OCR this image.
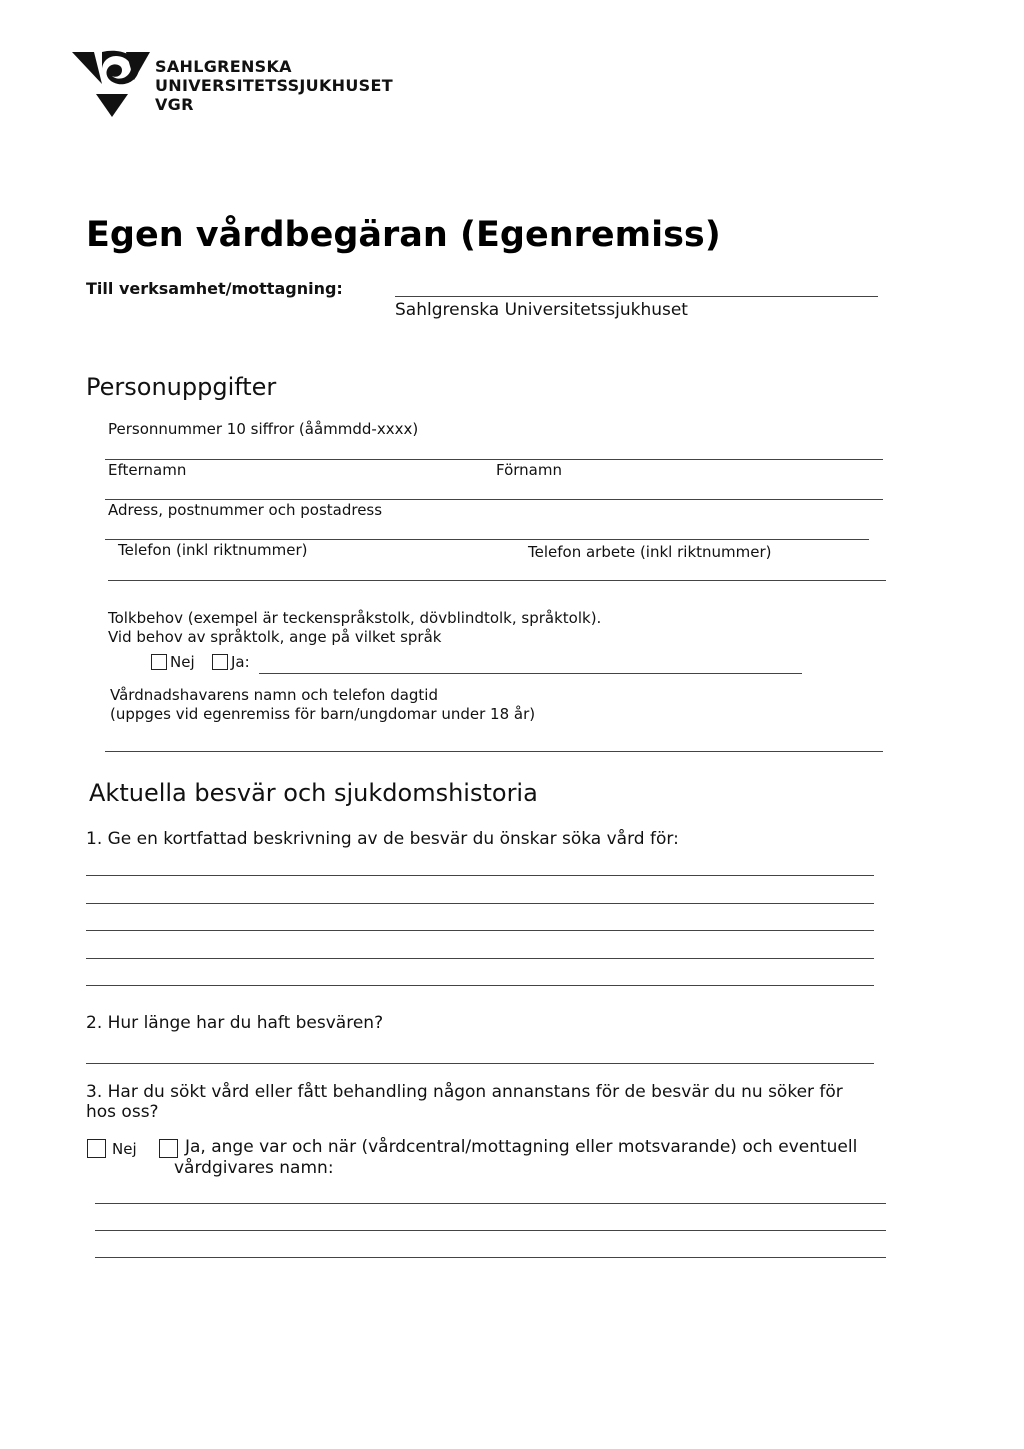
SAHLGRENSKA
UNIVERSITETSSJUKHUSET
VGR
Egen vårdbegäran (Egenremiss)
Till verksamhet/mottagning:
Sahlgrenska Universitetssjukhuset
Personuppgifter
Personnummer 10 siffror (ååmmdd-xxxx)
Efternamn	Förnamn
Adress, postnummer och postadress
Telefon (inkl riktnummer)	Telefon arbete (inkl riktnummer)
Tolkbehov (exempel är teckenspråkstolk, dövblindtolk, språktolk).
Vid behov av språktolk, ange på vilket språk
Nej Ja:
Vårdnadshavarens namn och telefon dagtid
(uppges vid egenremiss för barn/ungdomar under 18 år)
Aktuella besvär och sjukdomshistoria
1. Ge en kortfattad beskrivning av de besvär du önskar söka vård för:
2. Hur länge har du haft besvären?
3. Har du sökt vård eller fått behandling någon annanstans för de besvär du nu söker för
hos oss?
Nej	Ja, ange var och när (vårdcentral/mottagning eller motsvarande) och eventuell
vårdgivares namn:
